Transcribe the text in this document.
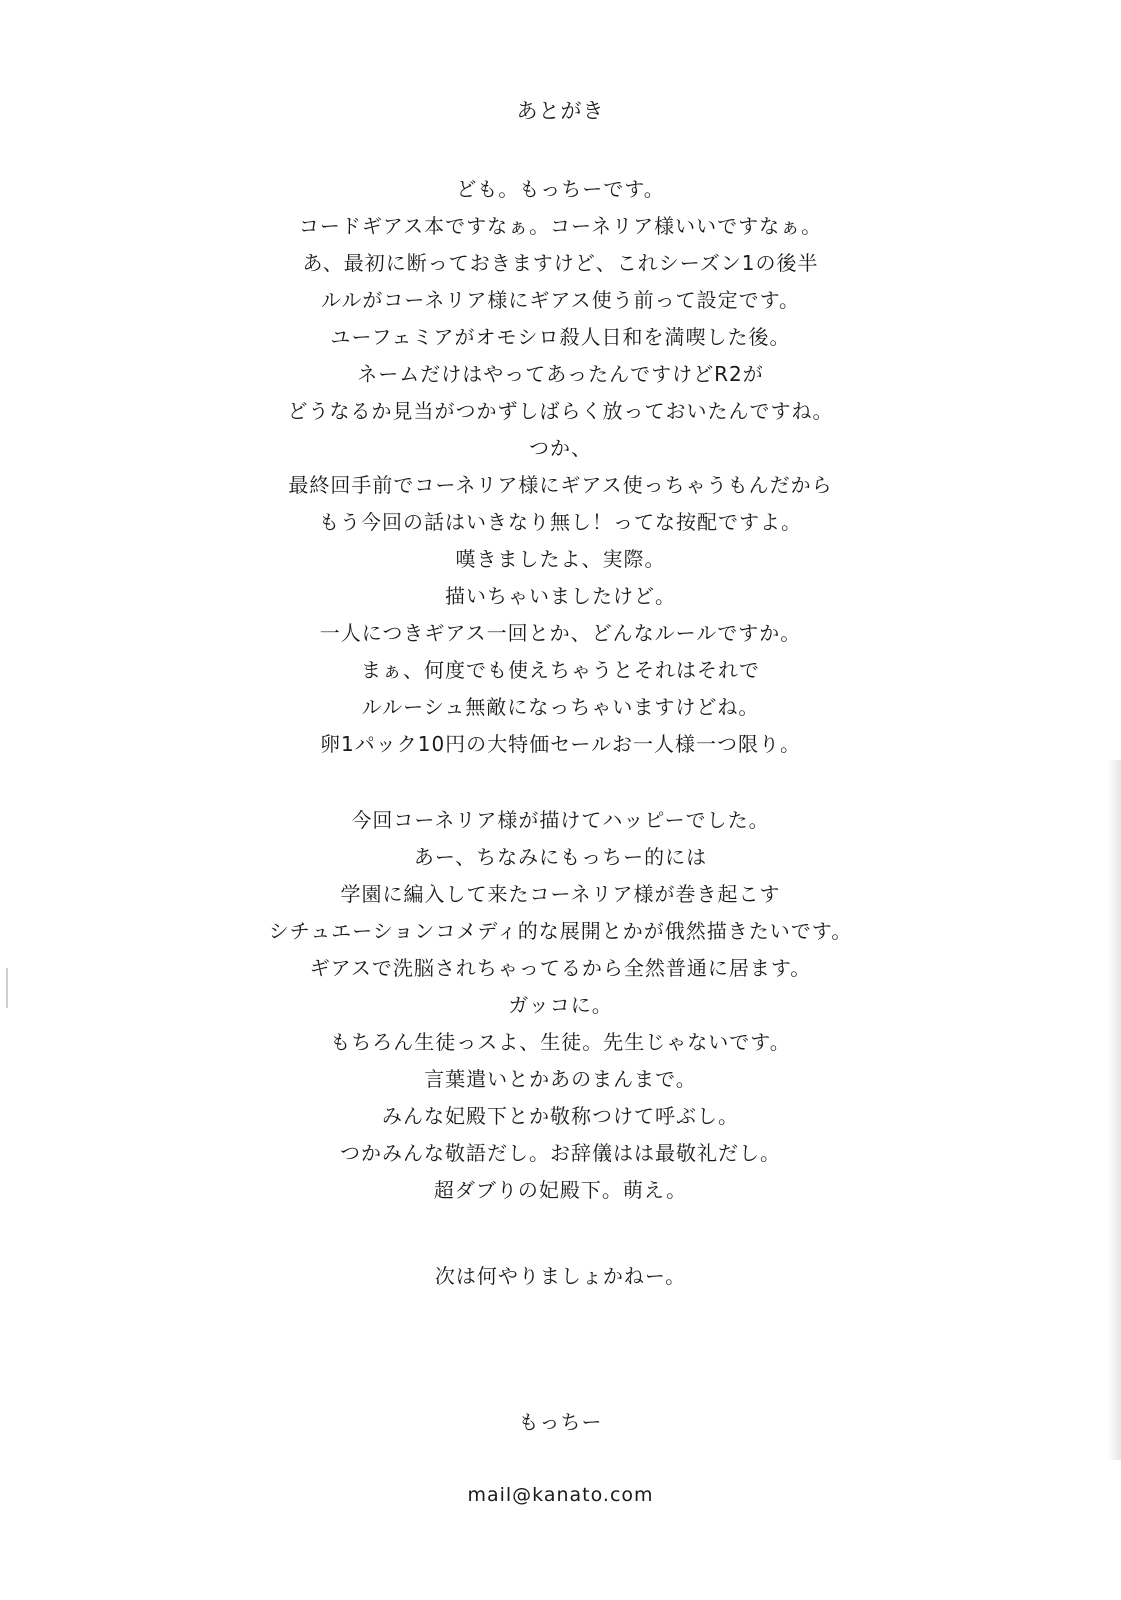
あとがき
ども。もっちーです。
コードギアス本ですなぁ。コーネリア様いいですなぁ。
あ、最初に断っておきますけど、これシーズン1の後半
ルルがコーネリア様にギアス使う前って設定です。
ユーフェミアがオモシロ殺人日和を満喫した後。
ネームだけはやってあったんですけどR2が
どうなるか見当がつかずしばらく放っておいたんですね。
つか、
最終回手前でコーネリア様にギアス使っちゃうもんだから
もう今回の話はいきなり無し！ってな按配ですよ。
嘆きましたよ、実際。
描いちゃいましたけど。
一人につきギアス一回とか、どんなルールですか。
まぁ、何度でも使えちゃうとそれはそれで
ルルーシュ無敵になっちゃいますけどね。
卵1パック10円の大特価セールお一人様一つ限り。
今回コーネリア様が描けてハッピーでした。
あー、ちなみにもっちー的には
学園に編入して来たコーネリア様が巻き起こす
シチュエーションコメディ的な展開とかが俄然描きたいです。
ギアスで洗脳されちゃってるから全然普通に居ます。
ガッコに。
もちろん生徒っスよ、生徒。先生じゃないです。
言葉遣いとかあのまんまで。
みんな妃殿下とか敬称つけて呼ぶし。
つかみんな敬語だし。お辞儀はは最敬礼だし。
超ダブりの妃殿下。萌え。
次は何やりましょかねー。
もっちー
mail@kanato.com
